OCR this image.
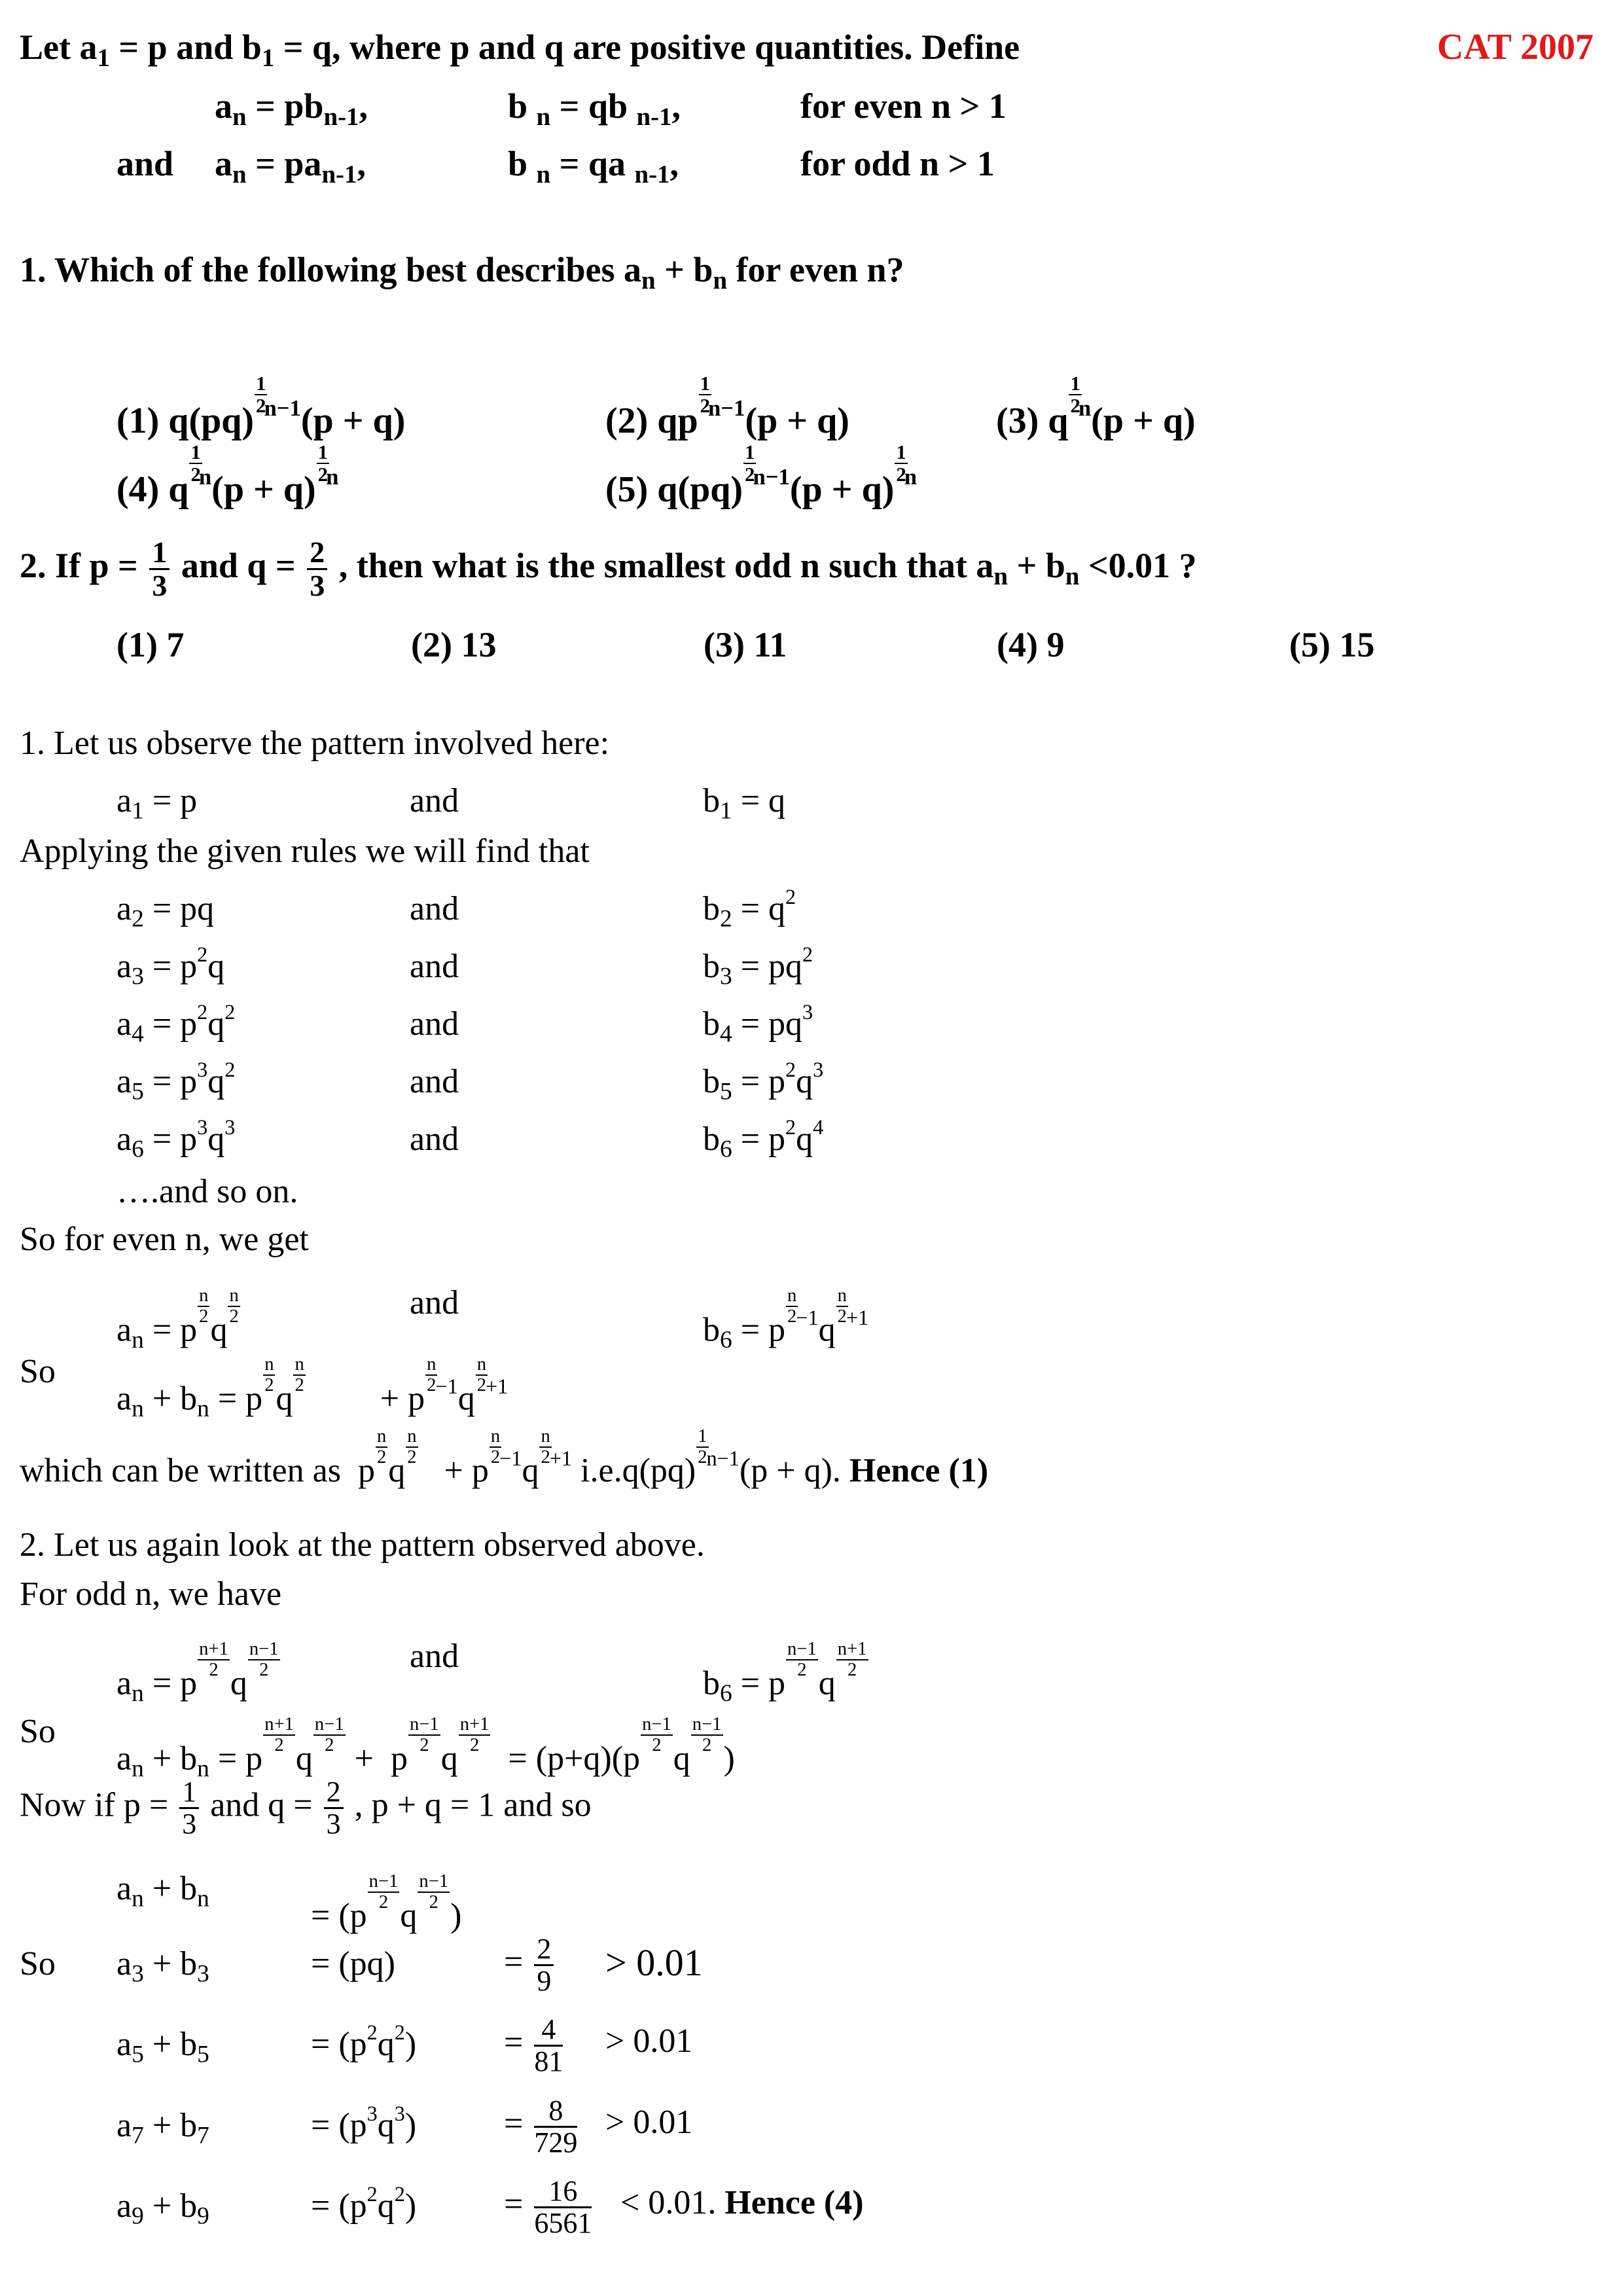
CAT 2007
Let $a_1 = p$ and $b_1 = q$, where p and q are positive quantities. Define
$a_n = pb_{n-1}$,	b $_n$ = qb $_{n-1}$,	for even n > 1
and $a_n = pa_{n-1}$,	b $_n$ = qa $_{n-1}$,	for odd n > 1
1. Which of the following best describes $a_n + b_n$ for even n?
(1) q(pq)
$\frac{1}{2}$
$^{n-1}$(p + q)	(2) qp
$\frac{1}{2}$
$^{n-1}$(p + q)	(3) q
$\frac{1}{2}$
$^n$(p + q)
(4) q
$\frac{1}{2}$
$^n$(p + q)
$\frac{1}{2}$
$^n$	(5) q(pq)
$\frac{1}{2}$
$^{n-1}$(p + q)
$\frac{1}{2}$
$^n$
2. If $p = \frac{1}{3}$ and $q = \frac{2}{3}$ , then what is the smallest odd n such that $a_n + b_n <0.01$ ?
(1) 7	(2) 13	(3) 11	(4) 9	(5) 15
1. Let us observe the pattern involved here:
$a_1 = p$	and	$b_1 = q$
Applying the given rules we will find that
$a_2$ = pq	and	$b_2 = q^2$
$a_3 = p^2q$	and	$b_3 = pq^2$
$a_4 = p^2q^2$	and	$b_4 = pq^3$
$a_5 = p^3q^2$	and	$b_5 = p^2q^3$
$a_6 = p^3q^3$	and	$b_6 = p^2q^4$
….and so on.
So for even n, we get
$a_n = p$
$\frac{n}{2}$
q
$\frac{n}{2}$	and
$b_6 = p$
$\frac{n}{2}$
$^{-1}$q
$\frac{n}{2}$
$^{+1}$
So
$a_n + b_n = p$
$\frac{n}{2}$
q
$\frac{n}{2}$
+ p
$\frac{n}{2}$
$^{-1}$q
$\frac{n}{2}$
$^{+1}$
which can be written as  p
$\frac{n}{2}$
q
$\frac{n}{2}$
+ p
$\frac{n}{2}$
$^{-1}$q
$\frac{n}{2}$
$^{+1}$ i.e.q(pq)
$\frac{1}{2}$
$^{n-1}$(p + q). Hence (1)
2. Let us again look at the pattern observed above.
For odd n, we have
$a_n = p$
$\frac{n+1}{2}$
q
$\frac{n-1}{2}$	and
$b_6 = p$
$\frac{n-1}{2}$
q
$\frac{n+1}{2}$
So
$a_n + b_n = p$
$\frac{n+1}{2}$
q
$\frac{n-1}{2}$
+  p
$\frac{n-1}{2}$
q
$\frac{n+1}{2}$
= (p+q)(p
$\frac{n-1}{2}$
q
$\frac{n-1}{2}$
)
Now if $p = \frac{1}{3}$ and $q = \frac{2}{3}$ , p + q = 1 and so
$a_n + b_n$	= (p
$\frac{n-1}{2}$
q
$\frac{n-1}{2}$
)
So $a_3 + b_3$	= (pq)	= $\frac{2}{9} > 0.01$
$a_5 + b_5$	= $(p^2q^2)$	= $\frac{4}{81} > 0.01$
$a_7 + b_7$	= $(p^3q^3)$	= $\frac{8}{729} > 0.01$
$a_9 + b_9$	= $(p^2q^2)$	= $\frac{16}{6561} < 0.01$. Hence (4)
